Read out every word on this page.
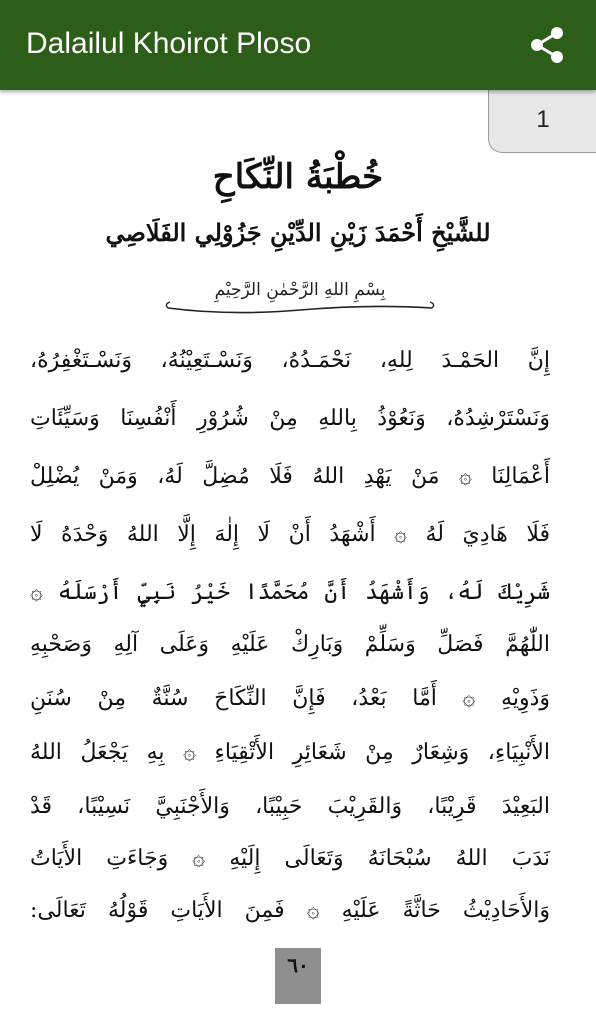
Dalailul Khoirot Ploso
1
خُطْبَةُ النِّكَاحِ
للشَّيْخِ أَحْمَدَ زَيْنِ الدِّيْنِ جَزُوْلِي الفَلَاصِي
بِسْمِ اللهِ الرَّحْمٰنِ الرَّحِيْمِ
إِنَّ الحَمْـدَ لِلهِ، نَحْمَـدُهُ، وَنَسْـتَعِيْنُهُ، وَنَسْـتَغْفِرُهُ،
وَنَسْتَرْشِدُهُ، وَنَعُوْذُ بِاللهِ مِنْ شُرُوْرِ أَنْفُسِنَا وَسَيِّئَاتِ
أَعْمَالِنَا ۞ مَنْ يَهْدِ اللهُ فَلَا مُضِلَّ لَهُ، وَمَنْ يُضْلِلْ
فَلَا هَادِيَ لَهُ ۞ أَشْهَدُ أَنْ لَا إِلٰهَ إِلَّا اللهُ وَحْدَهُ لَا
شَرِيْكَ لَهُ، وَأَشْهَدُ أَنَّ مُحَمَّدًا خَيْرُ نَبِيٍّ أَرْسَلَهُ ۞
اللّٰهُمَّ فَصَلِّ وَسَلِّمْ وَبَارِكْ عَلَيْهِ وَعَلَى آلِهِ وَصَحْبِهِ
وَذَوِيْهِ ۞ أَمَّا بَعْدُ، فَإِنَّ النِّكَاحَ سُنَّةٌ مِنْ سُنَنِ
الأَنْبِيَاءِ، وَشِعَارٌ مِنْ شَعَائِرِ الأَتْقِيَاءِ ۞ بِهِ يَجْعَلُ اللهُ
البَعِيْدَ قَرِيْبًا، وَالقَرِيْبَ حَبِيْبًا، وَالأَجْنَبِيَّ نَسِيْبًا، قَدْ
نَدَبَ اللهُ سُبْحَانَهُ وَتَعَالَى إِلَيْهِ ۞ وَجَاءَتِ الأَيَاتُ
وَالأَحَادِيْثُ حَاثَّةً عَلَيْهِ ۞ فَمِنَ الأَيَاتِ قَوْلُهُ تَعَالَى:
٦٠
